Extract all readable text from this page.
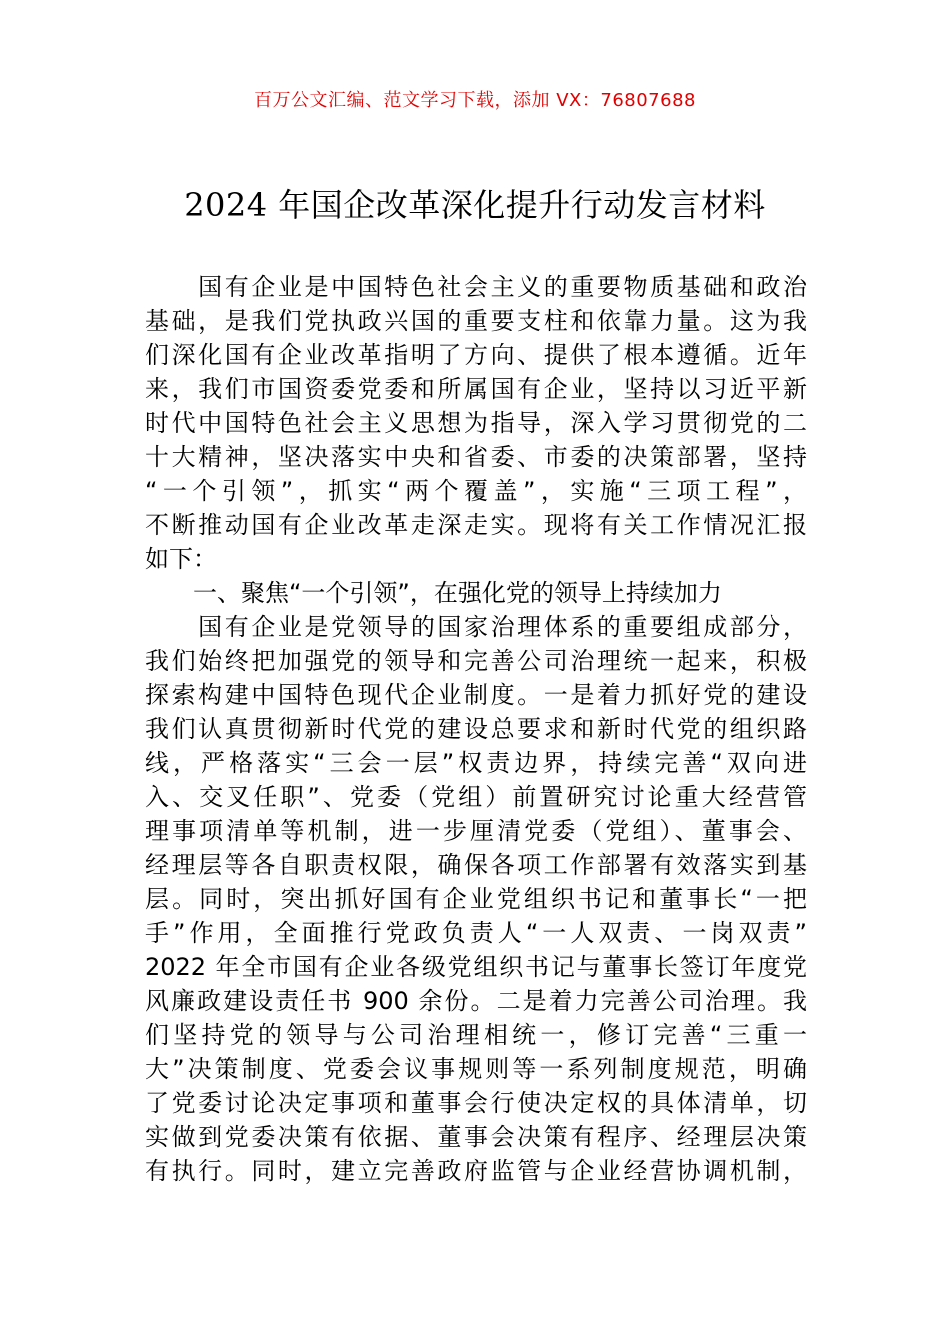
百万公文汇编、范文学习下载，添加 VX：76807688
2024 年国企改革深化提升行动发言材料
　　国有企业是中国特色社会主义的重要物质基础和政治
基础，是我们党执政兴国的重要支柱和依靠力量。这为我
们深化国有企业改革指明了方向、提供了根本遵循。近年
来，我们市国资委党委和所属国有企业，坚持以习近平新
时代中国特色社会主义思想为指导，深入学习贯彻党的二
十大精神，坚决落实中央和省委、市委的决策部署，坚持
“一个引领”，抓实“两个覆盖”，实施“三项工程”，
不断推动国有企业改革走深走实。现将有关工作情况汇报
如下：
　　一、聚焦“一个引领”，在强化党的领导上持续加力
　　国有企业是党领导的国家治理体系的重要组成部分，
我们始终把加强党的领导和完善公司治理统一起来，积极
探索构建中国特色现代企业制度。一是着力抓好党的建设
我们认真贯彻新时代党的建设总要求和新时代党的组织路
线，严格落实“三会一层”权责边界，持续完善“双向进
入、交叉任职”、党委（党组）前置研究讨论重大经营管
理事项清单等机制，进一步厘清党委（党组）、董事会、
经理层等各自职责权限，确保各项工作部署有效落实到基
层。同时，突出抓好国有企业党组织书记和董事长“一把
手”作用，全面推行党政负责人“一人双责、一岗双责”
2022 年全市国有企业各级党组织书记与董事长签订年度党
风廉政建设责任书 900 余份。二是着力完善公司治理。我
们坚持党的领导与公司治理相统一，修订完善“三重一
大”决策制度、党委会议事规则等一系列制度规范，明确
了党委讨论决定事项和董事会行使决定权的具体清单，切
实做到党委决策有依据、董事会决策有程序、经理层决策
有执行。同时，建立完善政府监管与企业经营协调机制，
